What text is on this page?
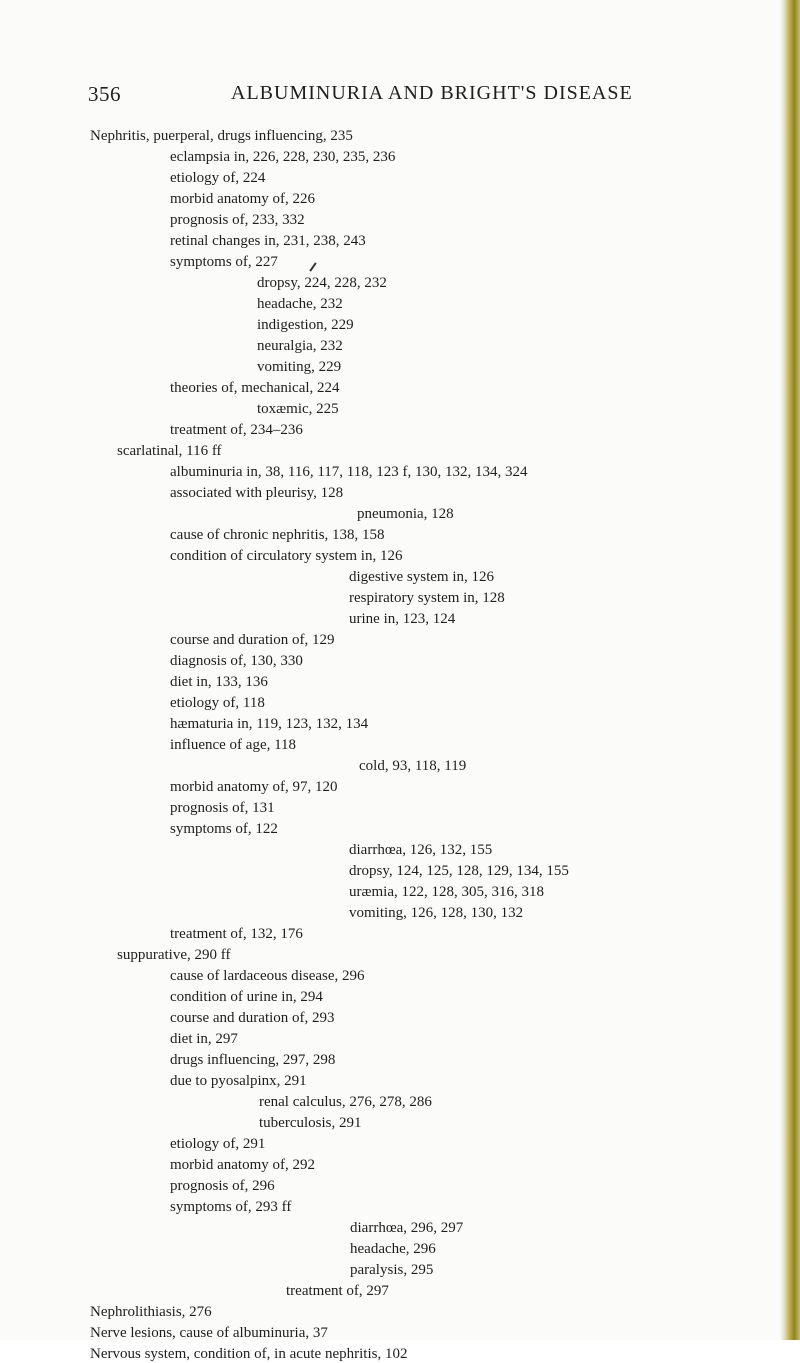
356	ALBUMINURIA AND BRIGHT'S DISEASE
Nephritis, puerperal, drugs influencing, 235
eclampsia in, 226, 228, 230, 235, 236
etiology of, 224
morbid anatomy of, 226
prognosis of, 233, 332
retinal changes in, 231, 238, 243
symptoms of, 227
dropsy, 224, 228, 232
headache, 232
indigestion, 229
neuralgia, 232
vomiting, 229
theories of, mechanical, 224
toxæmic, 225
treatment of, 234–236
scarlatinal, 116 ff
albuminuria in, 38, 116, 117, 118, 123 f, 130, 132, 134, 324
associated with pleurisy, 128
pneumonia, 128
cause of chronic nephritis, 138, 158
condition of circulatory system in, 126
digestive system in, 126
respiratory system in, 128
urine in, 123, 124
course and duration of, 129
diagnosis of, 130, 330
diet in, 133, 136
etiology of, 118
hæmaturia in, 119, 123, 132, 134
influence of age, 118
cold, 93, 118, 119
morbid anatomy of, 97, 120
prognosis of, 131
symptoms of, 122
diarrhœa, 126, 132, 155
dropsy, 124, 125, 128, 129, 134, 155
uræmia, 122, 128, 305, 316, 318
vomiting, 126, 128, 130, 132
treatment of, 132, 176
suppurative, 290 ff
cause of lardaceous disease, 296
condition of urine in, 294
course and duration of, 293
diet in, 297
drugs influencing, 297, 298
due to pyosalpinx, 291
renal calculus, 276, 278, 286
tuberculosis, 291
etiology of, 291
morbid anatomy of, 292
prognosis of, 296
symptoms of, 293 ff
diarrhœa, 296, 297
headache, 296
paralysis, 295
treatment of, 297
Nephrolithiasis, 276
Nerve lesions, cause of albuminuria, 37
Nervous system, condition of, in acute nephritis, 102
